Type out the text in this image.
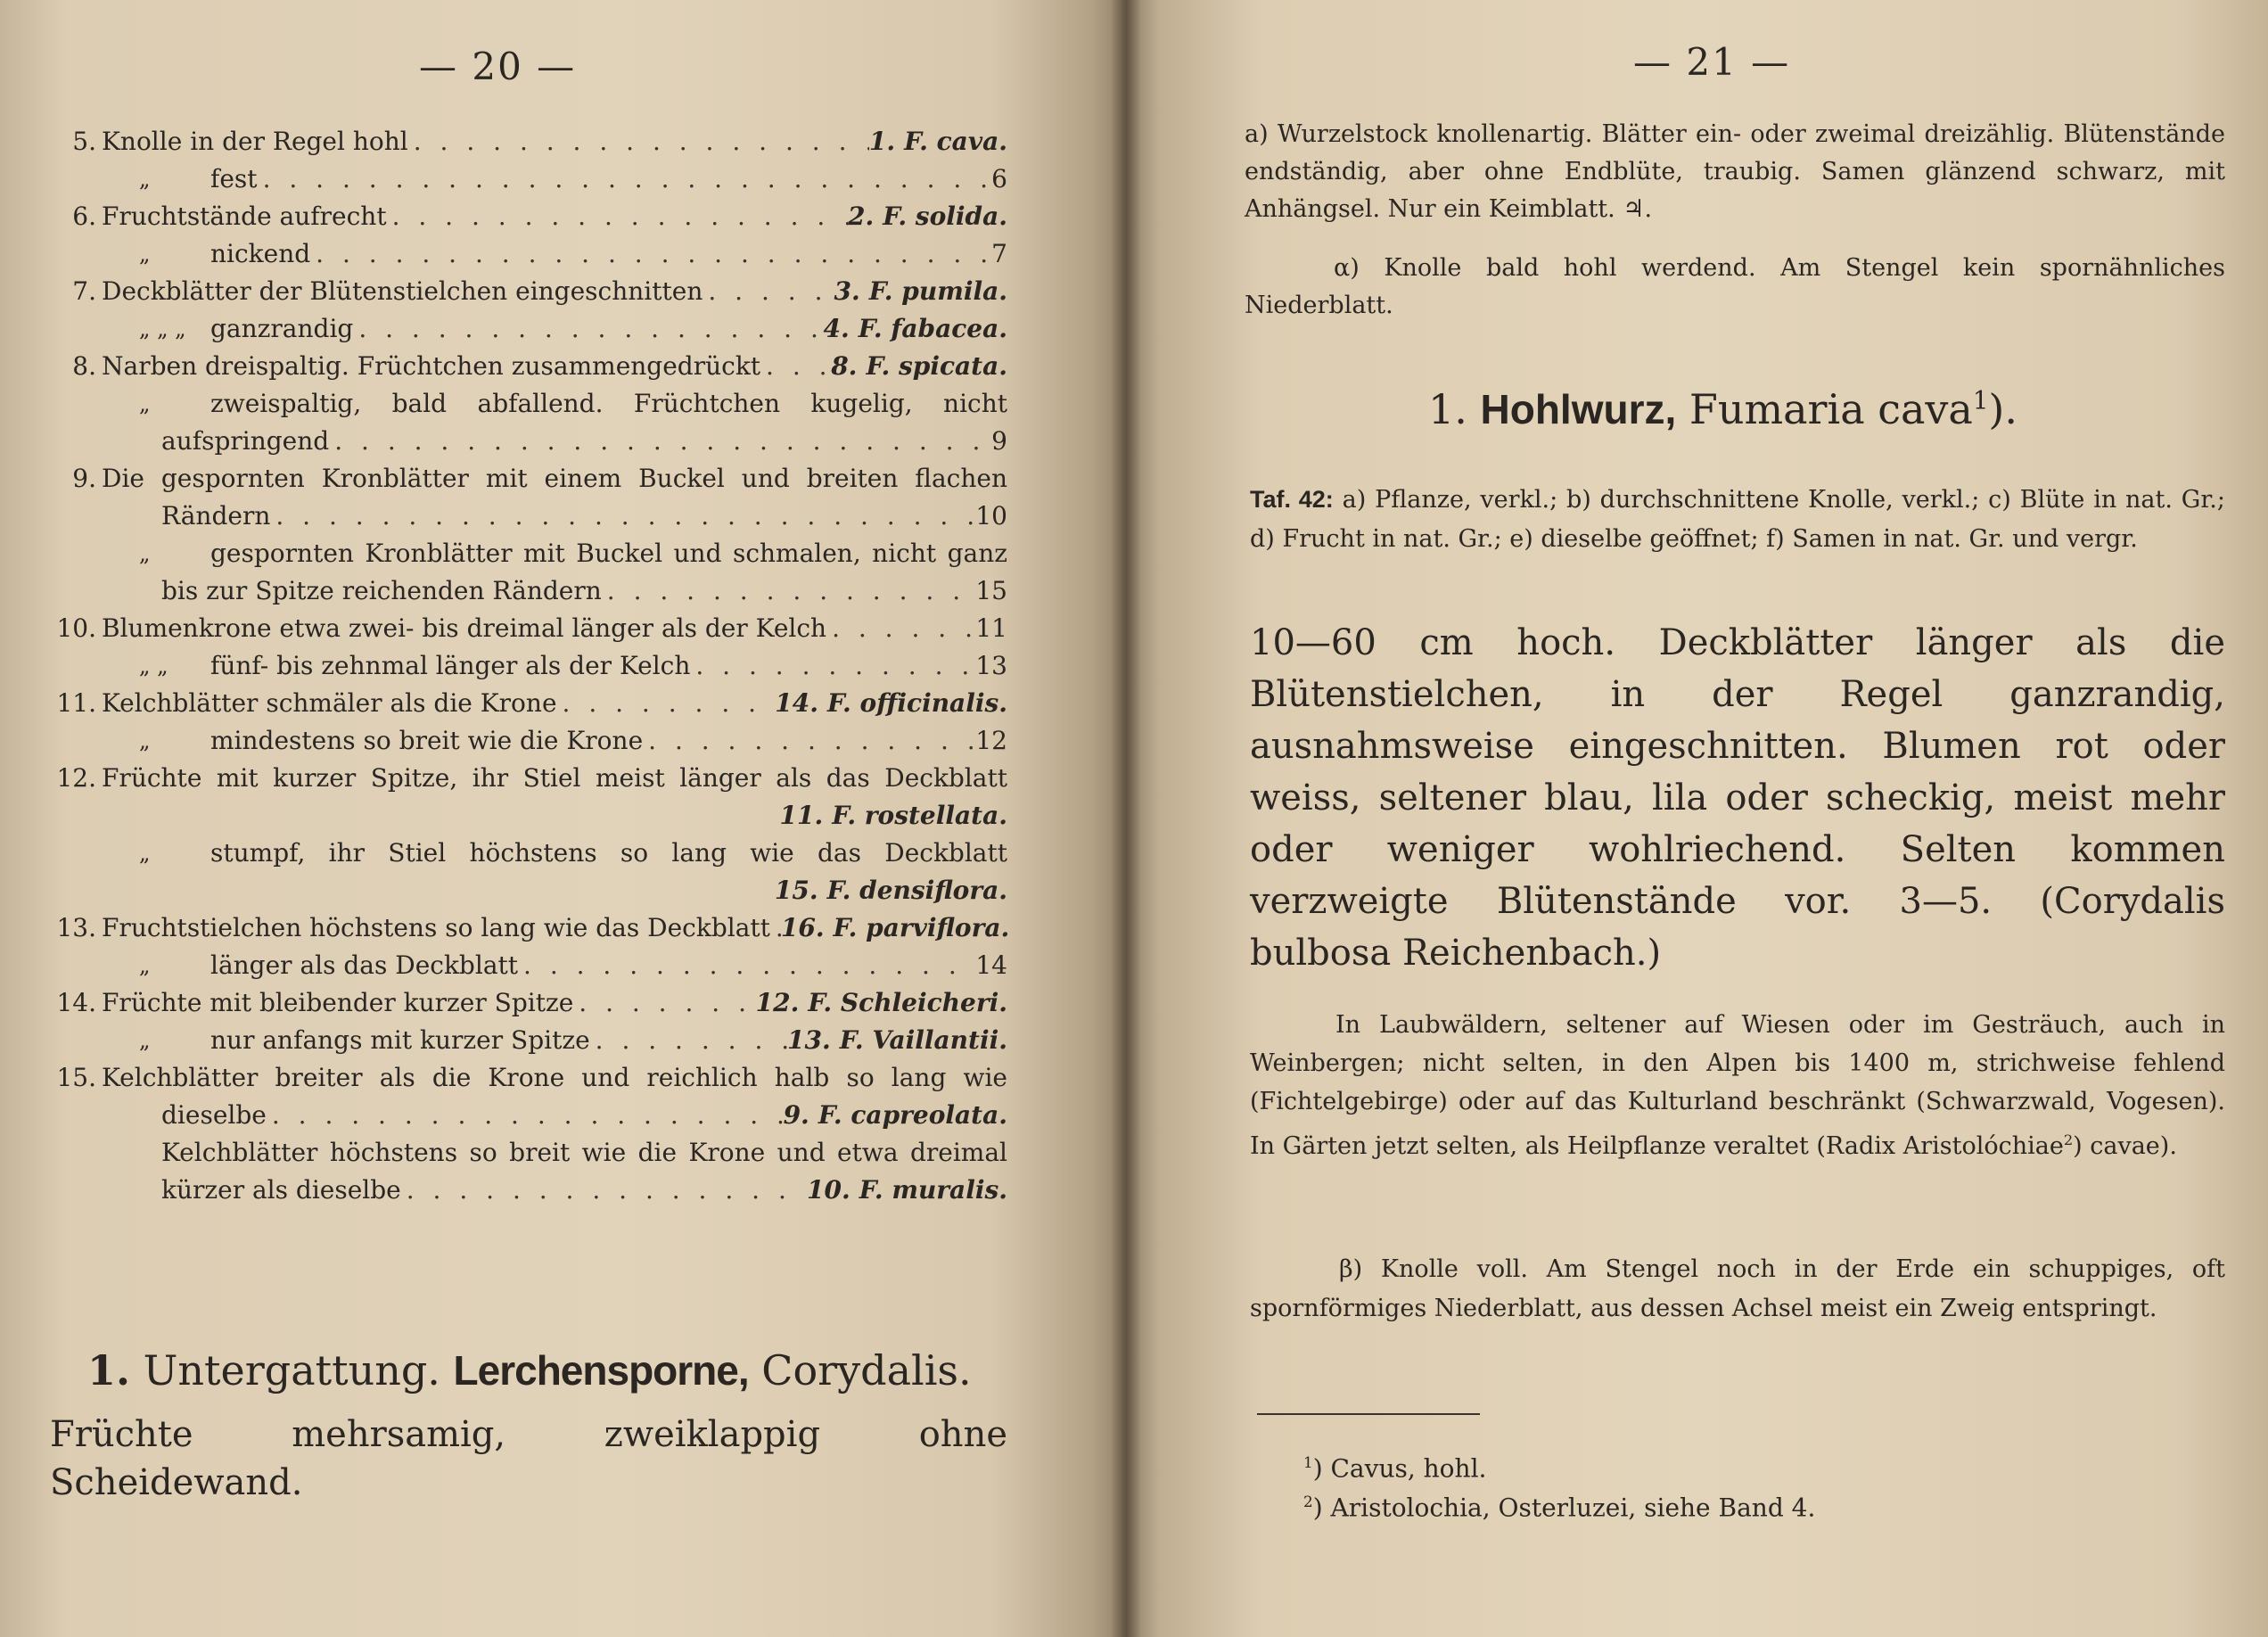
— 20 —
5. Knolle in der Regel hohl . . .	1. F. cava.
„ fest . . .	6
6. Fruchtstände aufrecht . . .	2. F. solida.
„ nickend . . .	7
7. Deckblätter der Blütenstielchen eingeschnitten . . .	3. F. pumila.
„ „ „ ganzrandig . . .	4. F. fabacea.
8. Narben dreispaltig. Früchtchen zusammengedrückt . . .	8. F. spicata.
„ zweispaltig, bald abfallend. Früchtchen kugelig, nicht
aufspringend . . .	9
9. Die gespornten Kronblätter mit einem Buckel und breiten flachen
Rändern . . .	10
„ gespornten Kronblätter mit Buckel und schmalen, nicht ganz
bis zur Spitze reichenden Rändern . . .	15
10. Blumenkrone etwa zwei- bis dreimal länger als der Kelch . . .	11
„ „ fünf- bis zehnmal länger als der Kelch . . .	13
11. Kelchblätter schmäler als die Krone . . .	14. F. officinalis.
„ mindestens so breit wie die Krone . . .	12
12. Früchte mit kurzer Spitze, ihr Stiel meist länger als das Deckblatt
11. F. rostellata.
„ stumpf, ihr Stiel höchstens so lang wie das Deckblatt
15. F. densiflora.
13. Fruchtstielchen höchstens so lang wie das Deckblatt . . . 16. F. parviflora.
„ länger als das Deckblatt . . .	14
14. Früchte mit bleibender kurzer Spitze . . .	12. F. Schleicheri.
„ nur anfangs mit kurzer Spitze . . .	13. F. Vaillantii.
15. Kelchblätter breiter als die Krone und reichlich halb so lang wie
dieselbe . . .	9. F. capreolata.
Kelchblätter höchstens so breit wie die Krone und etwa dreimal
kürzer als dieselbe . . .	10. F. muralis.
1. Untergattung. Lerchensporne, Corydalis.
Früchte mehrsamig, zweiklappig ohne Scheidewand.
— 21 —
a) Wurzelstock knollenartig. Blätter ein- oder zweimal dreizählig. Blütenstände endständig, aber ohne Endblüte, traubig. Samen glänzend schwarz, mit Anhängsel. Nur ein Keimblatt. ♃.
α) Knolle bald hohl werdend. Am Stengel kein spornähnliches Niederblatt.
1. Hohlwurz, Fumaria cava$^1$).
Taf. 42: a) Pflanze, verkl.; b) durchschnittene Knolle, verkl.; c) Blüte in nat. Gr.; d) Frucht in nat. Gr.; e) dieselbe geöffnet; f) Samen in nat. Gr. und vergr.
10—60 cm hoch. Deckblätter länger als die Blütenstielchen, in der Regel ganzrandig, ausnahmsweise eingeschnitten. Blumen rot oder weiss, seltener blau, lila oder scheckig, meist mehr oder weniger wohlriechend. Selten kommen verzweigte Blütenstände vor. 3—5. (Corydalis bulbosa Reichenbach.)
In Laubwäldern, seltener auf Wiesen oder im Gesträuch, auch in Weinbergen; nicht selten, in den Alpen bis 1400 m, strichweise fehlend (Fichtelgebirge) oder auf das Kulturland beschränkt (Schwarzwald, Vogesen). In Gärten jetzt selten, als Heilpflanze veraltet (Radix Aristolóchiae$^2$) cavae).
β) Knolle voll. Am Stengel noch in der Erde ein schuppiges, oft spornförmiges Niederblatt, aus dessen Achsel meist ein Zweig entspringt.
$^1$) Cavus, hohl.
$^2$) Aristolochia, Osterluzei, siehe Band 4.
